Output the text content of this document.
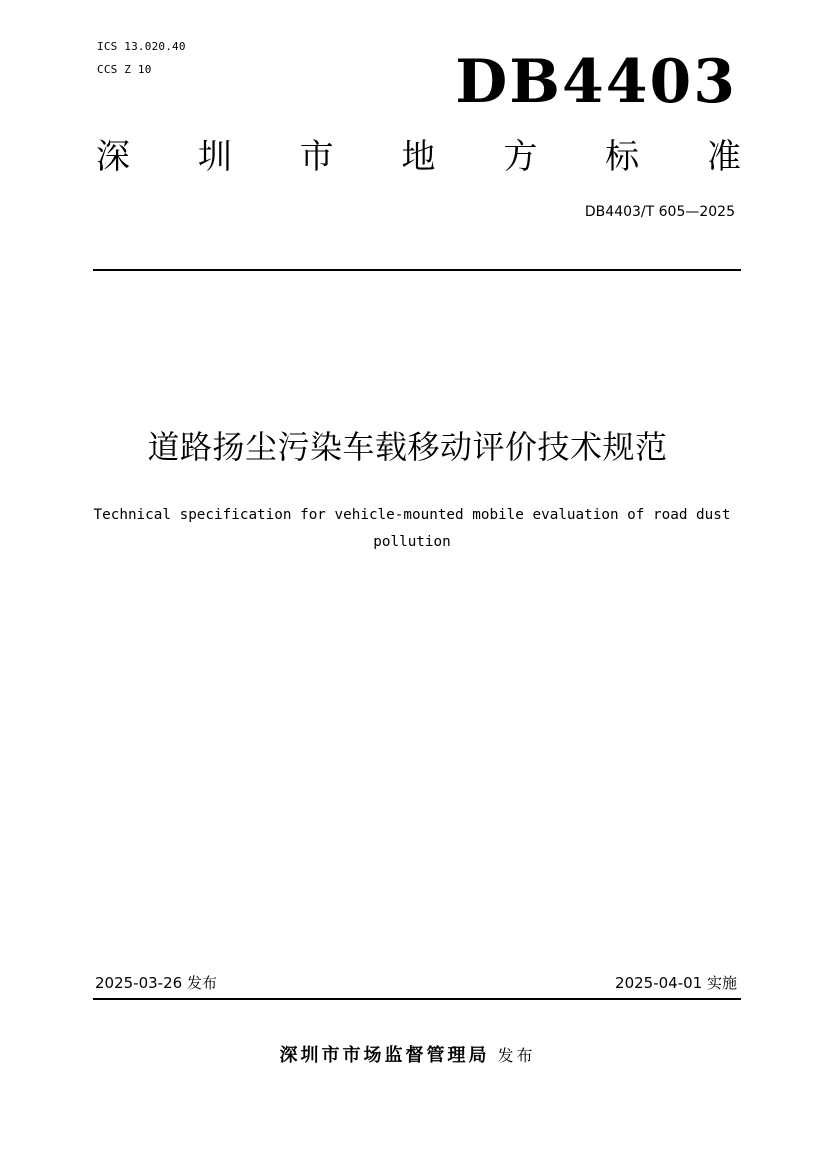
ICS 13.020.40
CCS Z 10	DB4403
深 圳 市 地 方 标 准
DB4403/T 605—2025
道路扬尘污染车载移动评价技术规范
Technical specification for vehicle-mounted mobile evaluation of road dust pollution
2025-03-26 发布	2025-04-01 实施
深圳市市场监督管理局 发布
